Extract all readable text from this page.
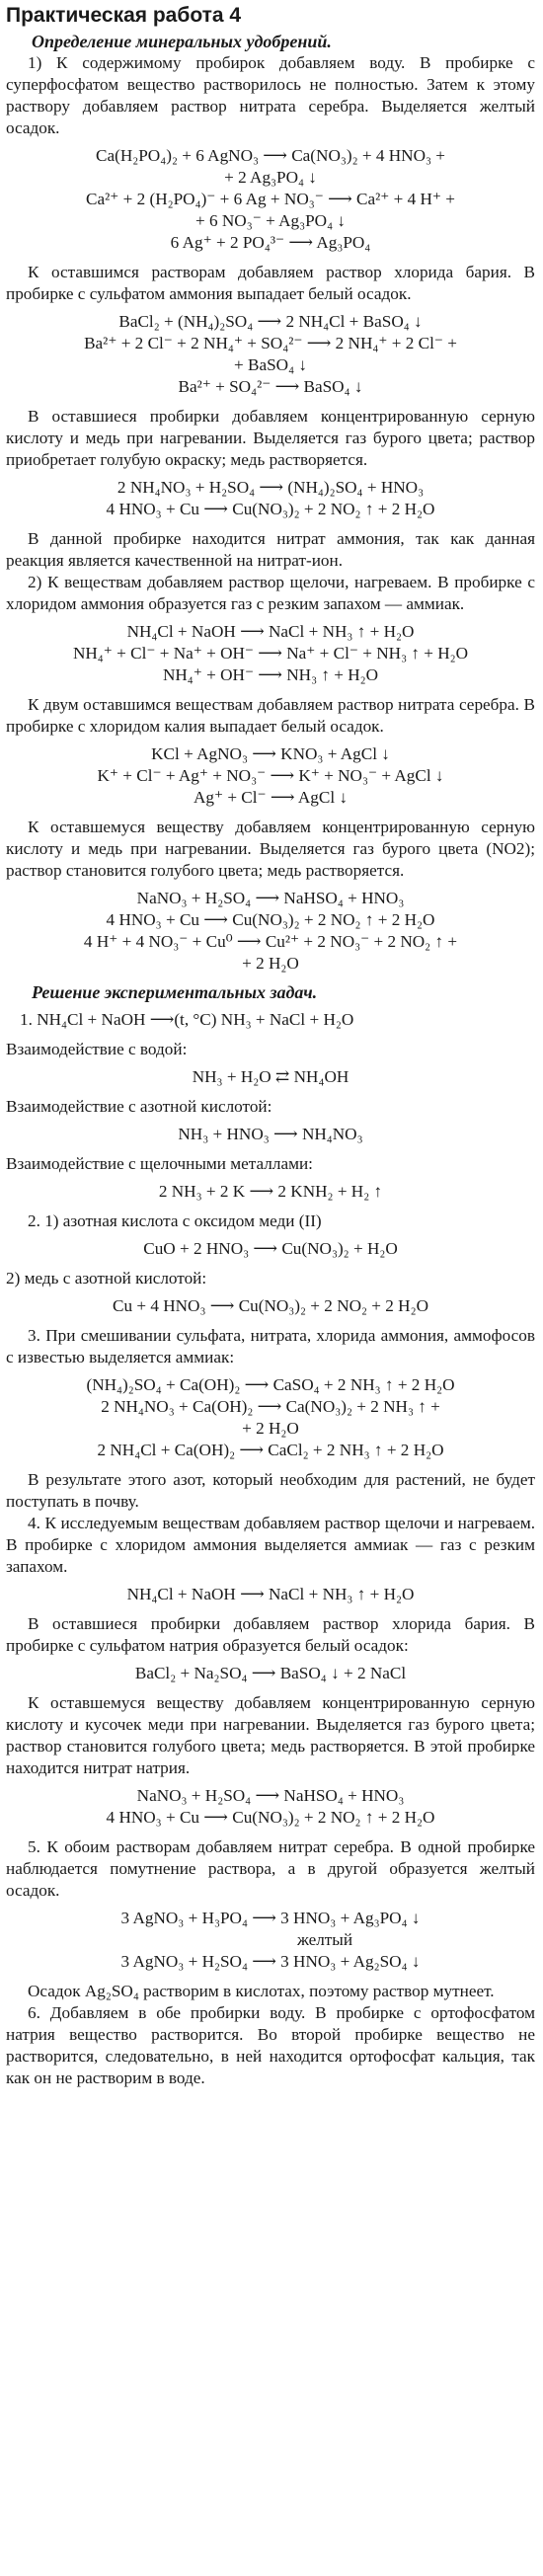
Практическая работа 4
Определение минеральных удобрений.

1) К содержимому пробирок добавляем воду. В пробирке с суперфосфатом вещество растворилось не полностью. Затем к этому раствору добавляем раствор нитрата серебра. Выделяется желтый осадок.

Ca(H₂PO₄)₂ + 6 AgNO₃ ⟶ Ca(NO₃)₂ + 4 HNO₃ +
+ 2 Ag₃PO₄ ↓
Ca²⁺ + 2 (H₂PO₄)⁻ + 6 Ag + NO₃⁻ ⟶ Ca²⁺ + 4 H⁺ +
+ 6 NO₃⁻ + Ag₃PO₄ ↓
6 Ag⁺ + 2 PO₄³⁻ ⟶ Ag₃PO₄

К оставшимся растворам добавляем раствор хлорида бария. В пробирке с сульфатом аммония выпадает белый осадок.

BaCl₂ + (NH₄)₂SO₄ ⟶ 2 NH₄Cl + BaSO₄ ↓
Ba²⁺ + 2 Cl⁻ + 2 NH₄⁺ + SO₄²⁻ ⟶ 2 NH₄⁺ + 2 Cl⁻ +
+ BaSO₄ ↓
Ba²⁺ + SO₄²⁻ ⟶ BaSO₄ ↓

В оставшиеся пробирки добавляем концентрированную серную кислоту и медь при нагревании. Выделяется газ бурого цвета; раствор приобретает голубую окраску; медь растворяется.

2 NH₄NO₃ + H₂SO₄ ⟶ (NH₄)₂SO₄ + HNO₃
4 HNO₃ + Cu ⟶ Cu(NO₃)₂ + 2 NO₂ ↑ + 2 H₂O

В данной пробирке находится нитрат аммония, так как данная реакция является качественной на нитрат-ион.

2) К веществам добавляем раствор щелочи, нагреваем. В пробирке с хлоридом аммония образуется газ с резким запахом — аммиак.

NH₄Cl + NaOH ⟶ NaCl + NH₃ ↑ + H₂O
NH₄⁺ + Cl⁻ + Na⁺ + OH⁻ ⟶ Na⁺ + Cl⁻ + NH₃ ↑ + H₂O
NH₄⁺ + OH⁻ ⟶ NH₃ ↑ + H₂O

К двум оставшимся веществам добавляем раствор нитрата серебра. В пробирке с хлоридом калия выпадает белый осадок.

KCl + AgNO₃ ⟶ KNO₃ + AgCl ↓
K⁺ + Cl⁻ + Ag⁺ + NO₃⁻ ⟶ K⁺ + NO₃⁻ + AgCl ↓
Ag⁺ + Cl⁻ ⟶ AgCl ↓

К оставшемуся веществу добавляем концентрированную серную кислоту и медь при нагревании. Выделяется газ бурого цвета (NO2); раствор становится голубого цвета; медь растворяется.

NaNO₃ + H₂SO₄ ⟶ NaHSO₄ + HNO₃
4 HNO₃ + Cu ⟶ Cu(NO₃)₂ + 2 NO₂ ↑ + 2 H₂O
4 H⁺ + 4 NO₃⁻ + Cu⁰ ⟶ Cu²⁺ + 2 NO₃⁻ + 2 NO₂ ↑ +
+ 2 H₂O
Решение экспериментальных задач.
1. NH₄Cl + NaOH ⟶(t, °C) NH₃ + NaCl + H₂O

Взаимодействие с водой:

NH₃ + H₂O ⇄ NH₄OH

Взаимодействие с азотной кислотой:

NH₃ + HNO₃ ⟶ NH₄NO₃

Взаимодействие с щелочными металлами:

2 NH₃ + 2 K ⟶ 2 KNH₂ + H₂ ↑

2. 1) азотная кислота с оксидом меди (II)

CuO + 2 HNO₃ ⟶ Cu(NO₃)₂ + H₂O

2) медь с азотной кислотой:

Cu + 4 HNO₃ ⟶ Cu(NO₃)₂ + 2 NO₂ + 2 H₂O

3. При смешивании сульфата, нитрата, хлорида аммония, аммофосов с известью выделяется аммиак:

(NH₄)₂SO₄ + Ca(OH)₂ ⟶ CaSO₄ + 2 NH₃ ↑ + 2 H₂O
2 NH₄NO₃ + Ca(OH)₂ ⟶ Ca(NO₃)₂ + 2 NH₃ ↑ +
+ 2 H₂O
2 NH₄Cl + Ca(OH)₂ ⟶ CaCl₂ + 2 NH₃ ↑ + 2 H₂O

В результате этого азот, который необходим для растений, не будет поступать в почву.

4. К исследуемым веществам добавляем раствор щелочи и нагреваем. В пробирке с хлоридом аммония выделяется аммиак — газ с резким запахом.

NH₄Cl + NaOH ⟶ NaCl + NH₃ ↑ + H₂O

В оставшиеся пробирки добавляем раствор хлорида бария. В пробирке с сульфатом натрия образуется белый осадок:

BaCl₂ + Na₂SO₄ ⟶ BaSO₄ ↓ + 2 NaCl

К оставшемуся веществу добавляем концентрированную серную кислоту и кусочек меди при нагревании. Выделяется газ бурого цвета; раствор становится голубого цвета; медь растворяется. В этой пробирке находится нитрат натрия.

NaNO₃ + H₂SO₄ ⟶ NaHSO₄ + HNO₃
4 HNO₃ + Cu ⟶ Cu(NO₃)₂ + 2 NO₂ ↑ + 2 H₂O

5. К обоим растворам добавляем нитрат серебра. В одной пробирке наблюдается помутнение раствора, а в другой образуется желтый осадок.

3 AgNO₃ + H₃PO₄ ⟶ 3 HNO₃ + Ag₃PO₄ ↓
желтый
3 AgNO₃ + H₂SO₄ ⟶ 3 HNO₃ + Ag₂SO₄ ↓

Осадок Ag₂SO₄ растворим в кислотах, поэтому раствор мутнеет.

6. Добавляем в обе пробирки воду. В пробирке с ортофосфатом натрия вещество растворится. Во второй пробирке вещество не растворится, следовательно, в ней находится ортофосфат кальция, так как он не растворим в воде.
